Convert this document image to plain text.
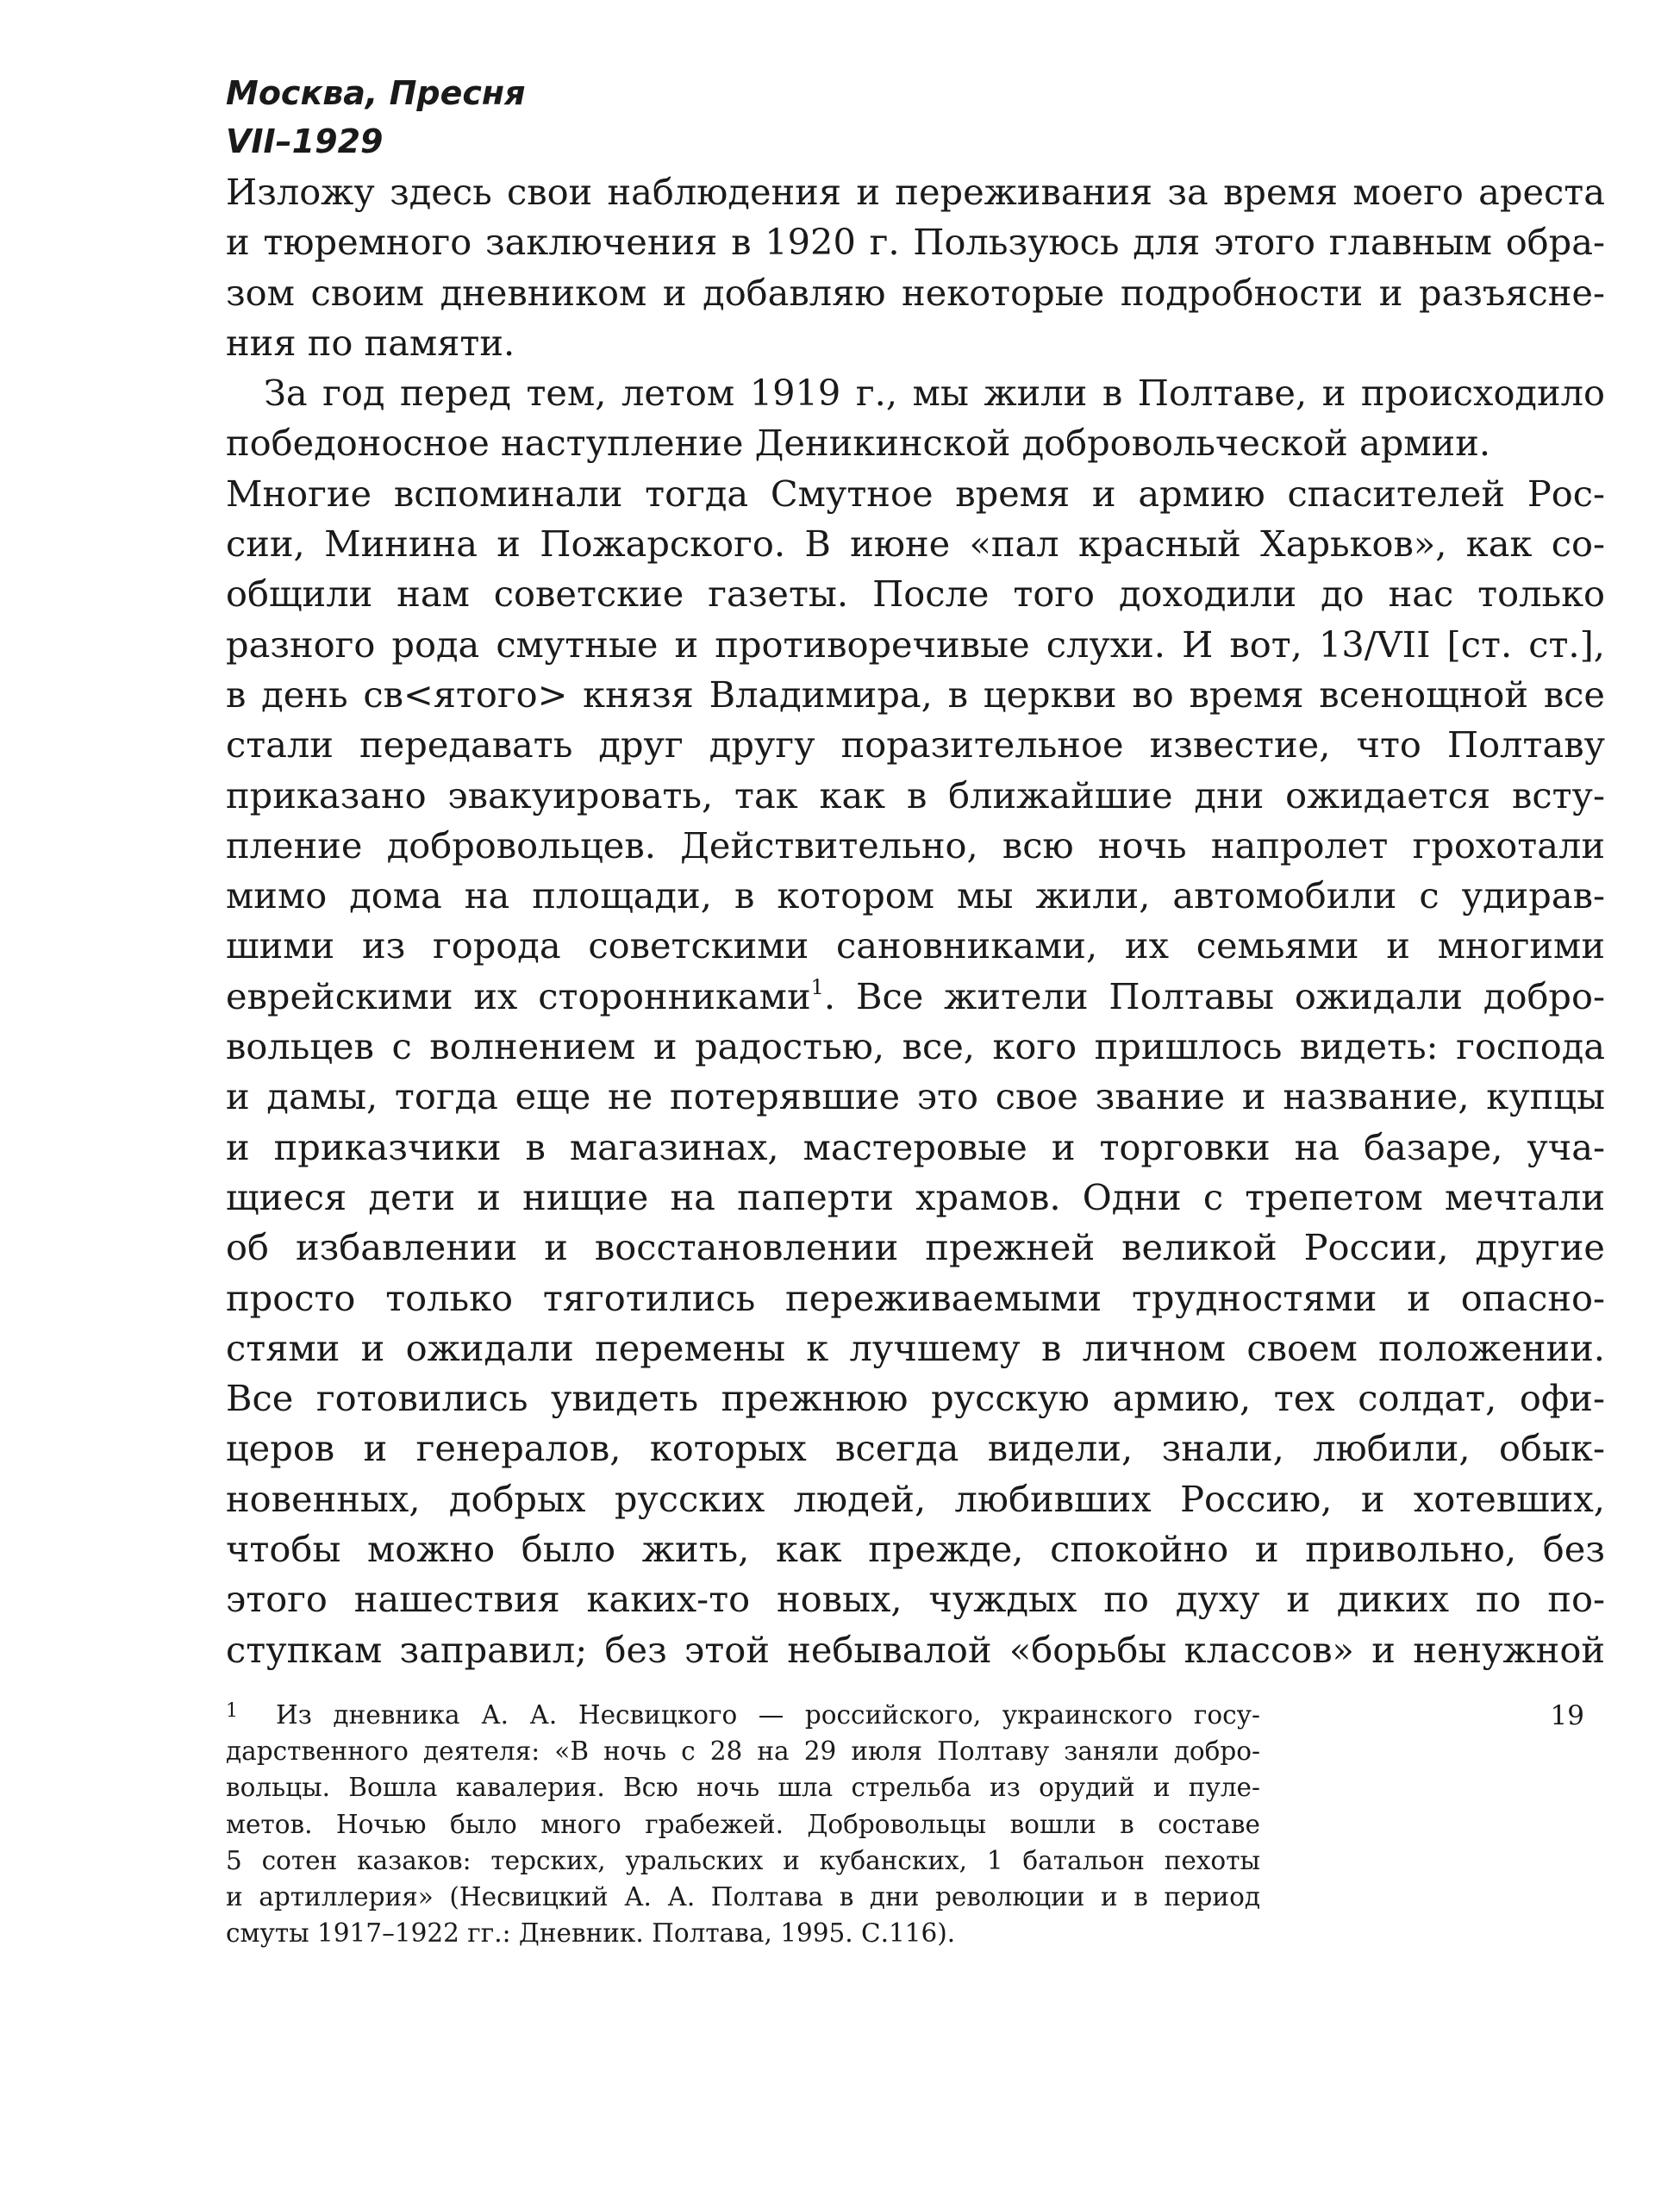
Москва, Пресня
VII–1929
Изложу здесь свои наблюдения и переживания за время моего ареста
и тюремного заключения в 1920 г. Пользуюсь для этого главным обра-
зом своим дневником и добавляю некоторые подробности и разъясне-
ния по памяти.
За год перед тем, летом 1919 г., мы жили в Полтаве, и происходило
победоносное наступление Деникинской добровольческой армии.
Многие вспоминали тогда Смутное время и армию спасителей Рос-
сии, Минина и Пожарского. В июне «пал красный Харьков», как со-
общили нам советские газеты. После того доходили до нас только
разного рода смутные и противоречивые слухи. И вот, 13/VII [ст. ст.],
в день св<ятого> князя Владимира, в церкви во время всенощной все
стали передавать друг другу поразительное известие, что Полтаву
приказано эвакуировать, так как в ближайшие дни ожидается всту-
пление добровольцев. Действительно, всю ночь напролет грохотали
мимо дома на площади, в котором мы жили, автомобили с удирав-
шими из города советскими сановниками, их семьями и многими
еврейскими их сторонниками$^1$. Все жители Полтавы ожидали добро-
вольцев с волнением и радостью, все, кого пришлось видеть: господа
и дамы, тогда еще не потерявшие это свое звание и название, купцы
и приказчики в магазинах, мастеровые и торговки на базаре, уча-
щиеся дети и нищие на паперти храмов. Одни с трепетом мечтали
об избавлении и восстановлении прежней великой России, другие
просто только тяготились переживаемыми трудностями и опасно-
стями и ожидали перемены к лучшему в личном своем положении.
Все готовились увидеть прежнюю русскую армию, тех солдат, офи-
церов и генералов, которых всегда видели, знали, любили, обык-
новенных, добрых русских людей, любивших Россию, и хотевших,
чтобы можно было жить, как прежде, спокойно и привольно, без
этого нашествия каких-то новых, чуждых по духу и диких по по-
ступкам заправил; без этой небывалой «борьбы классов» и ненужной
1	Из дневника А. А. Несвицкого — российского, украинского госу-
дарственного деятеля: «В ночь с 28 на 29 июля Полтаву заняли добро-
вольцы. Вошла кавалерия. Всю ночь шла стрельба из орудий и пуле-
метов. Ночью было много грабежей. Добровольцы вошли в составе
5 сотен казаков: терских, уральских и кубанских, 1 батальон пехоты
и артиллерия» (Несвицкий А. А. Полтава в дни революции и в период
смуты 1917–1922 гг.: Дневник. Полтава, 1995. С.116).
19
